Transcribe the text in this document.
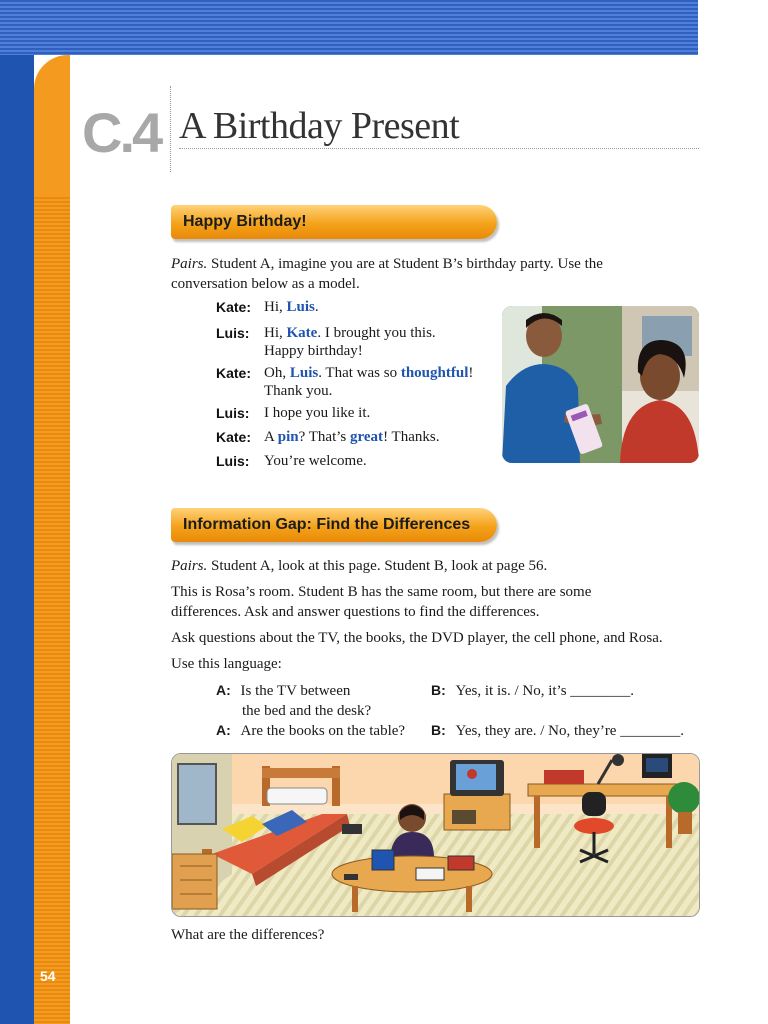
54
C.4 A Birthday Present
Happy Birthday!
Pairs. Student A, imagine you are at Student B’s birthday party. Use the
conversation below as a model.
Kate: Hi, Luis.
Luis: Hi, Kate. I brought you this.
Happy birthday!
Kate: Oh, Luis. That was so thoughtful!
Thank you.
Luis: I hope you like it.
Kate: A pin? That’s great! Thanks.
Luis: You’re welcome.
Information Gap: Find the Differences
Pairs. Student A, look at this page. Student B, look at page 56.
This is Rosa’s room. Student B has the same room, but there are some
differences. Ask and answer questions to find the differences.
Ask questions about the TV, the books, the DVD player, the cell phone, and Rosa.
Use this language:
A: Is the TV between
the bed and the desk?
B: Yes, it is. / No, it’s ________.
A: Are the books on the table? B: Yes, they are. / No, they’re ________.
What are the differences?
